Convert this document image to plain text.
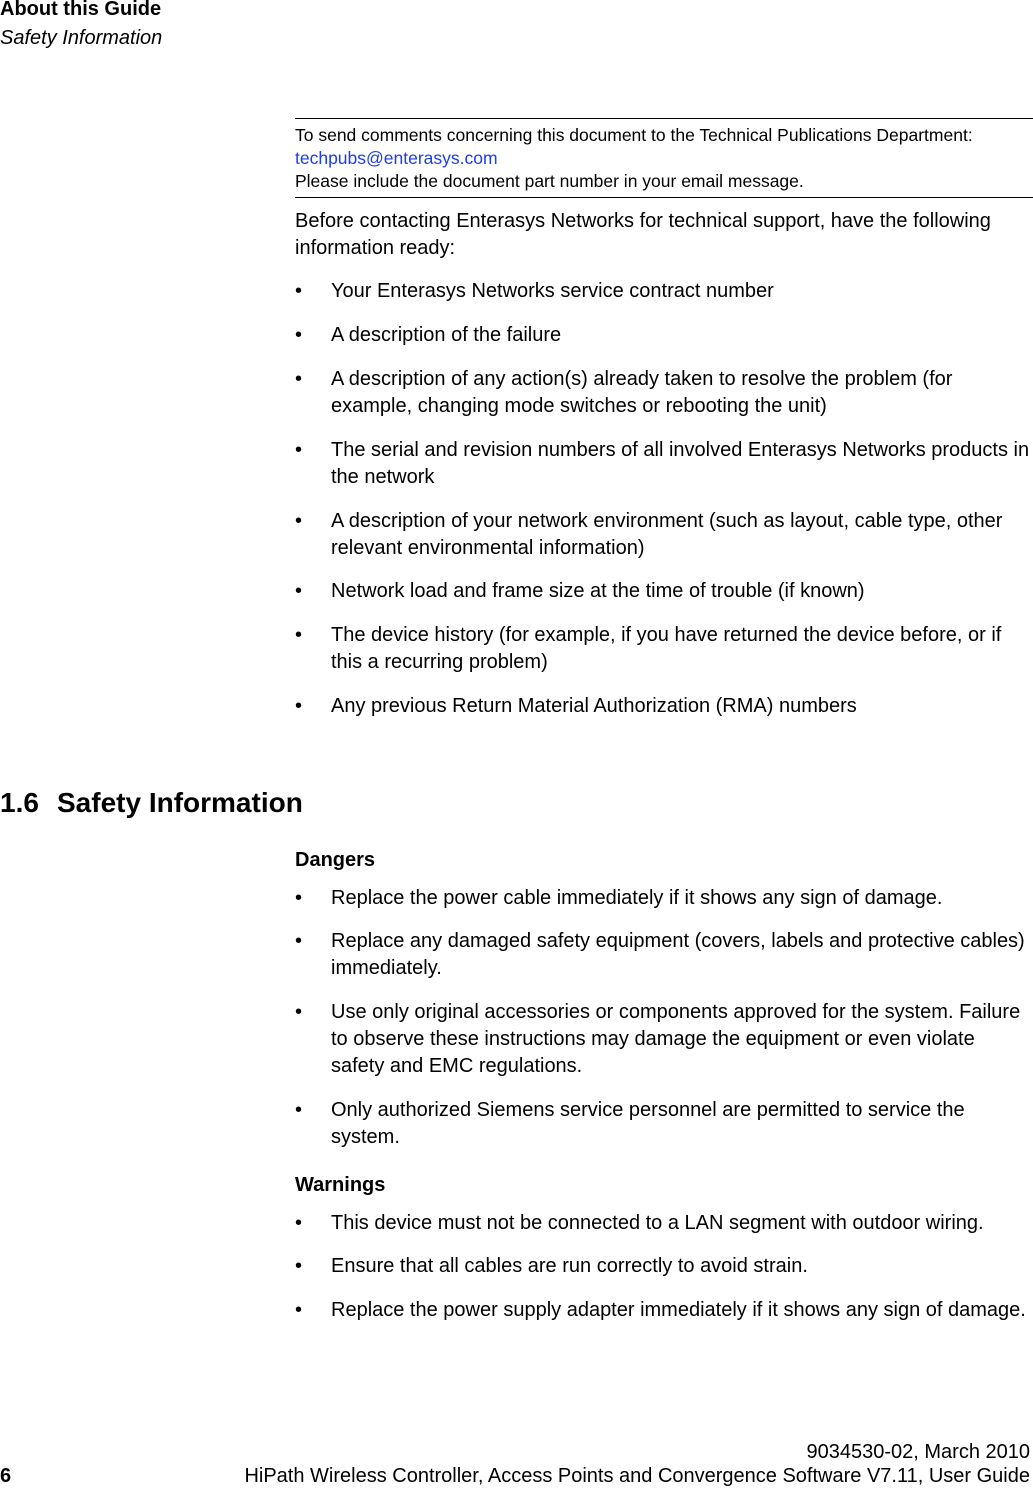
About this Guide
Safety Information
To send comments concerning this document to the Technical Publications Department:
techpubs@enterasys.com
Please include the document part number in your email message.
Before contacting Enterasys Networks for technical support, have the following information ready:
• Your Enterasys Networks service contract number
• A description of the failure
• A description of any action(s) already taken to resolve the problem (for example, changing mode switches or rebooting the unit)
• The serial and revision numbers of all involved Enterasys Networks products in the network
• A description of your network environment (such as layout, cable type, other relevant environmental information)
• Network load and frame size at the time of trouble (if known)
• The device history (for example, if you have returned the device before, or if this a recurring problem)
• Any previous Return Material Authorization (RMA) numbers
• Replace the power cable immediately if it shows any sign of damage.
• Replace any damaged safety equipment (covers, labels and protective cables) immediately.
• Use only original accessories or components approved for the system. Failure to observe these instructions may damage the equipment or even violate safety and EMC regulations.
• Only authorized Siemens service personnel are permitted to service the system.
• This device must not be connected to a LAN segment with outdoor wiring.
• Ensure that all cables are run correctly to avoid strain.
• Replace the power supply adapter immediately if it shows any sign of damage.
1.6 Safety Information
Dangers
Warnings
9034530-02, March 2010
HiPath Wireless Controller, Access Points and Convergence Software V7.11, User Guide
6
